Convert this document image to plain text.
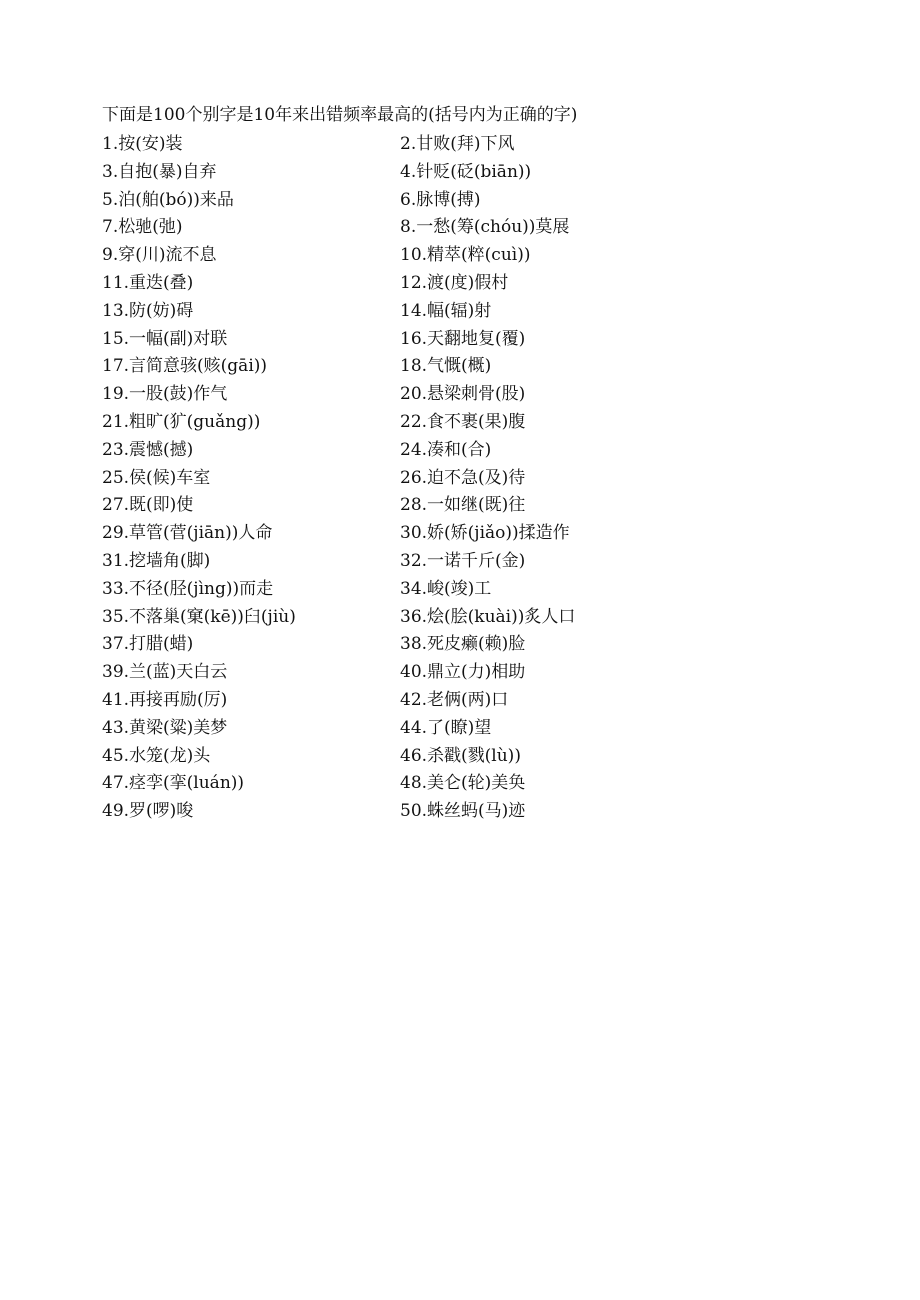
下面是100个别字是10年来出错频率最高的(括号内为正确的字)
1.按(安)装	2.甘败(拜)下风
3.自抱(暴)自弃	4.针贬(砭(biān))
5.泊(舶(bó))来品	6.脉博(搏)
7.松驰(弛)	8.一愁(筹(chóu))莫展
9.穿(川)流不息	10.精萃(粹(cuì))
11.重迭(叠)	12.渡(度)假村
13.防(妨)碍	14.幅(辐)射
15.一幅(副)对联	16.天翻地复(覆)
17.言简意骇(赅(gāi))	18.气慨(概)
19.一股(鼓)作气	20.悬梁刺骨(股)
21.粗旷(犷(guǎng))	22.食不裹(果)腹
23.震憾(撼)	24.凑和(合)
25.侯(候)车室	26.迫不急(及)待
27.既(即)使	28.一如继(既)往
29.草管(菅(jiān))人命	30.娇(矫(jiǎo))揉造作
31.挖墙角(脚)	32.一诺千斤(金)
33.不径(胫(jìng))而走	34.峻(竣)工
35.不落巢(窠(kē))臼(jiù)	36.烩(脍(kuài))炙人口
37.打腊(蜡)	38.死皮癞(赖)脸
39.兰(蓝)天白云	40.鼎立(力)相助
41.再接再励(厉)	42.老俩(两)口
43.黄梁(粱)美梦	44.了(瞭)望
45.水笼(龙)头	46.杀戳(戮(lù))
47.痉孪(挛(luán))	48.美仑(轮)美奂
49.罗(啰)唆	50.蛛丝蚂(马)迹
